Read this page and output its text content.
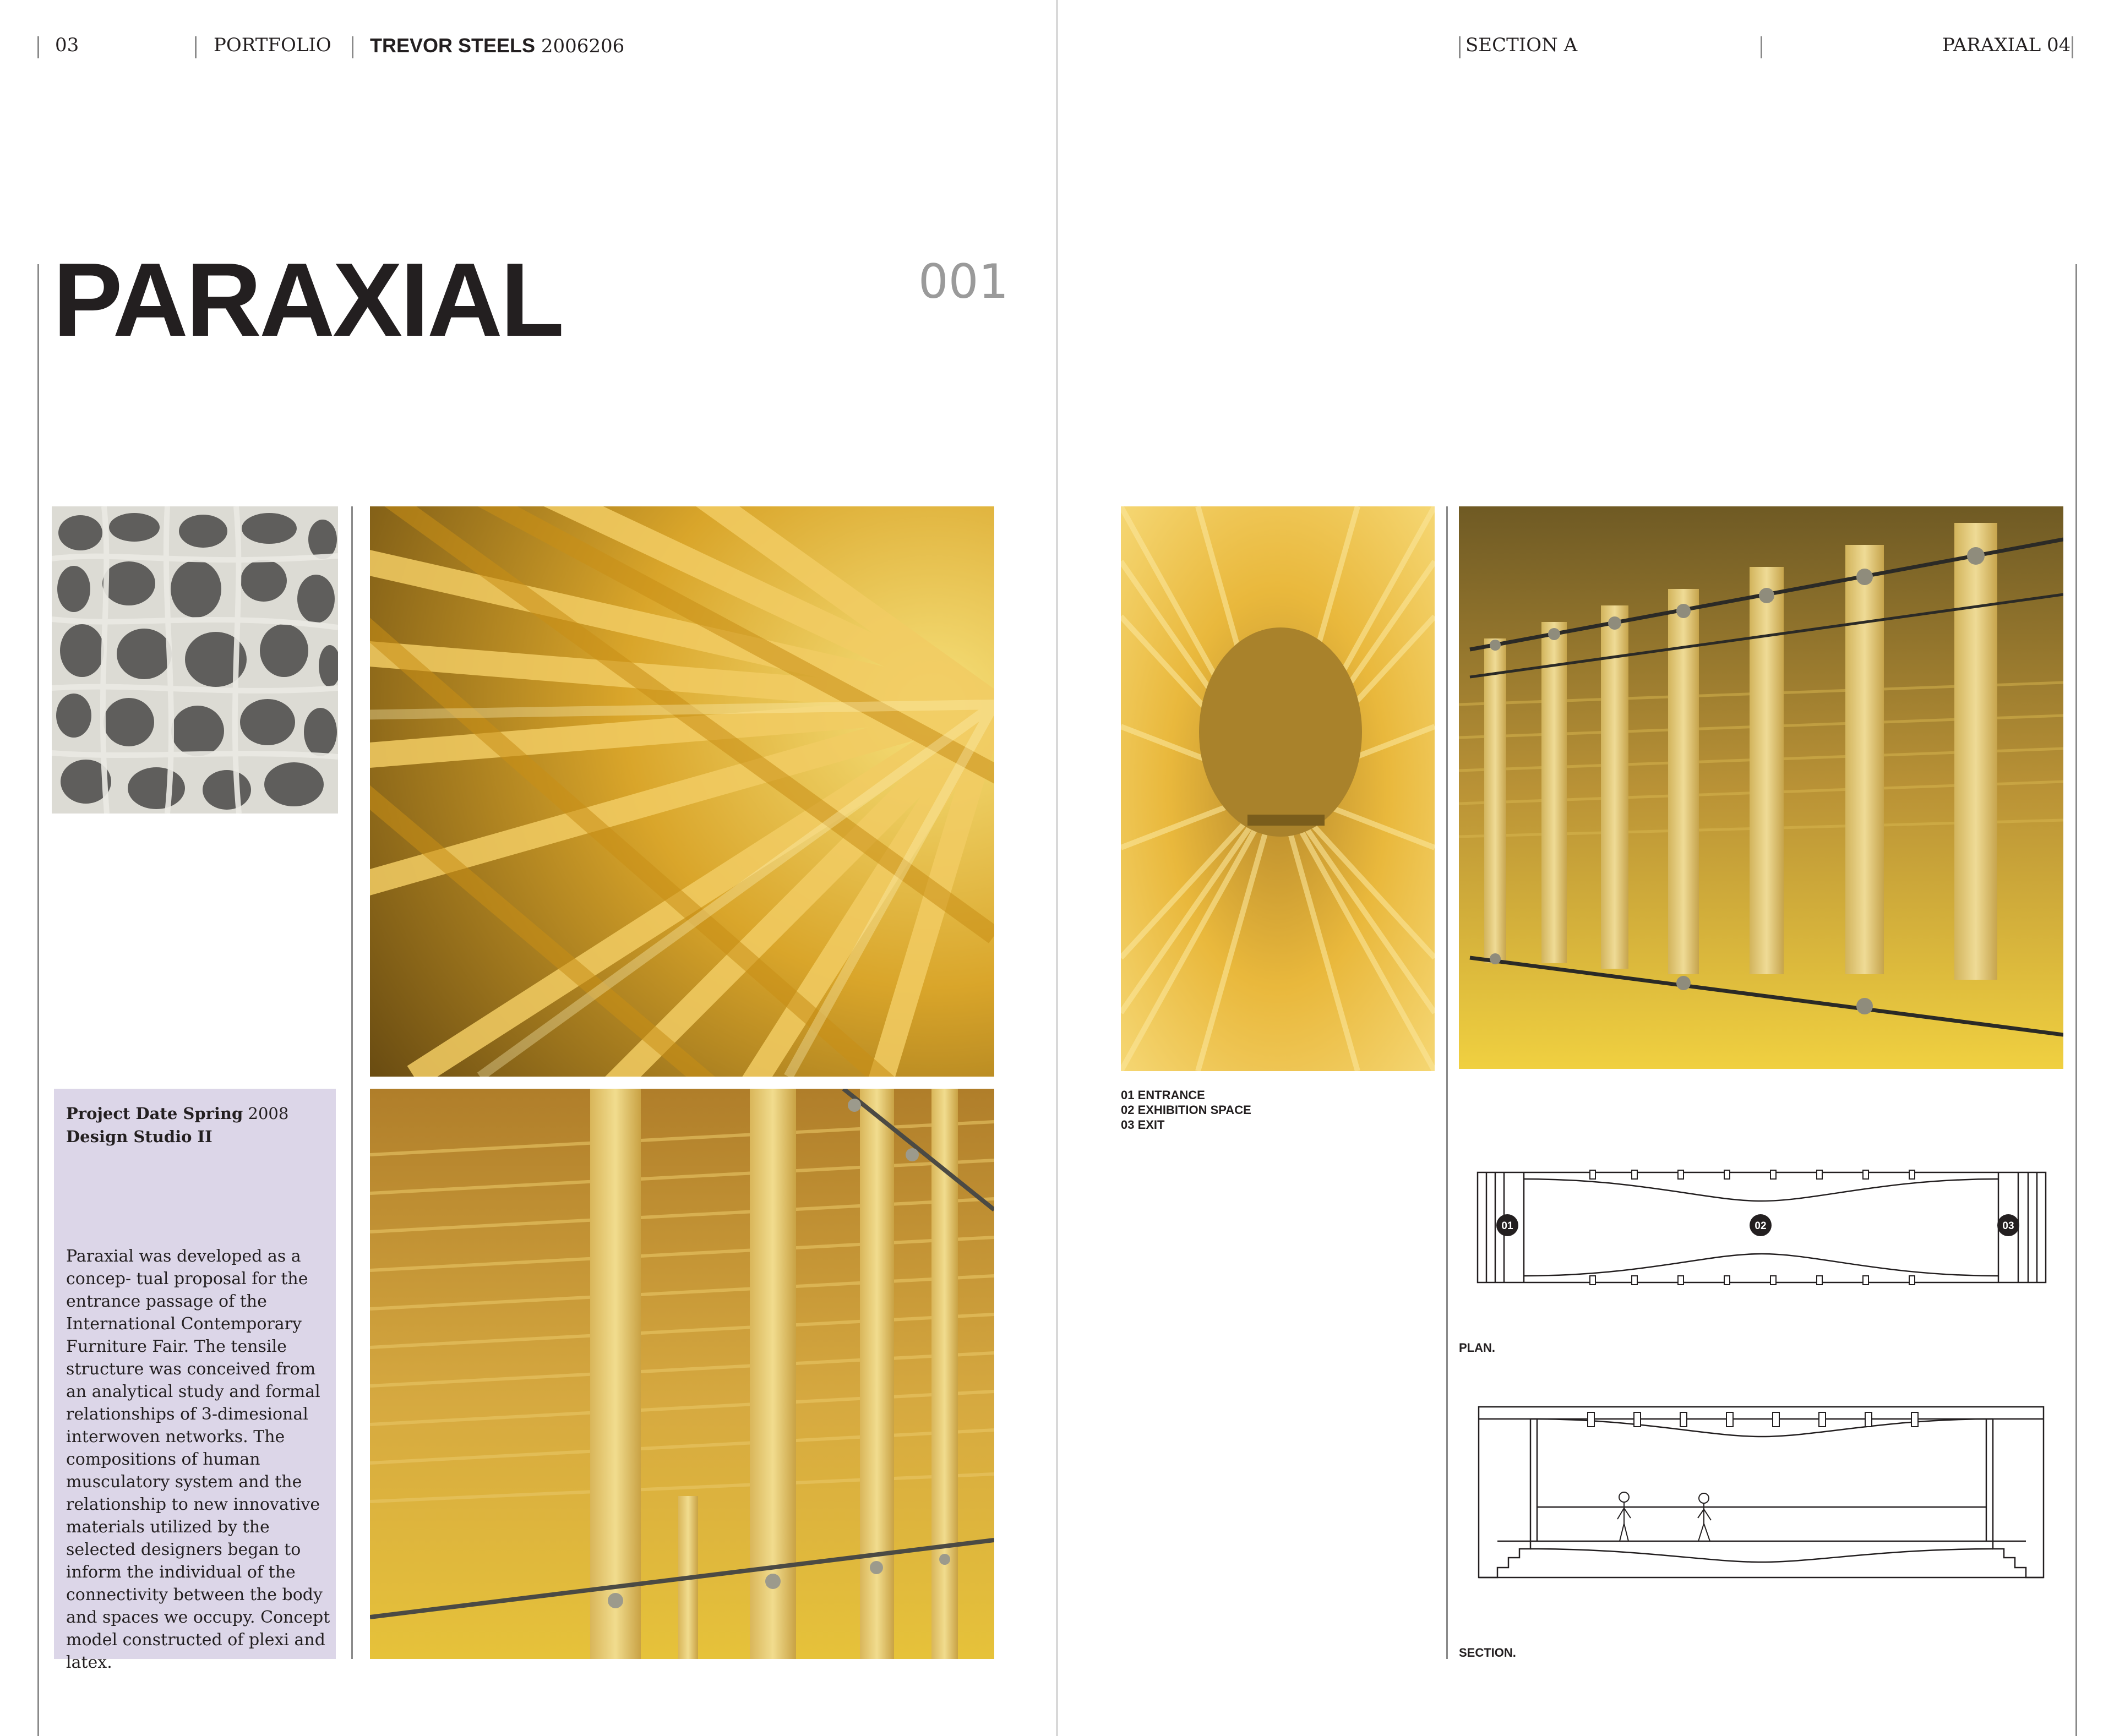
03	PORTFOLIO TREVOR STEELS 2006206	SECTION A	PARAXIAL 04
PARAXIAL	001
Project Date Spring 2008
Design Studio II
Paraxial was developed as a concep- tual proposal for the entrance passage of the International Contemporary Furniture Fair. The tensile structure was conceived from an analytical study and formal relationships of 3-dimesional interwoven networks. The compositions of human musculatory system and the relationship to new innovative materials utilized by the selected designers began to inform the individual of the connectivity between the body and spaces we occupy. Concept model constructed of plexi and latex.
01 ENTRANCE
02 EXHIBITION SPACE
03 EXIT
01	02	03
PLAN.
SECTION.
